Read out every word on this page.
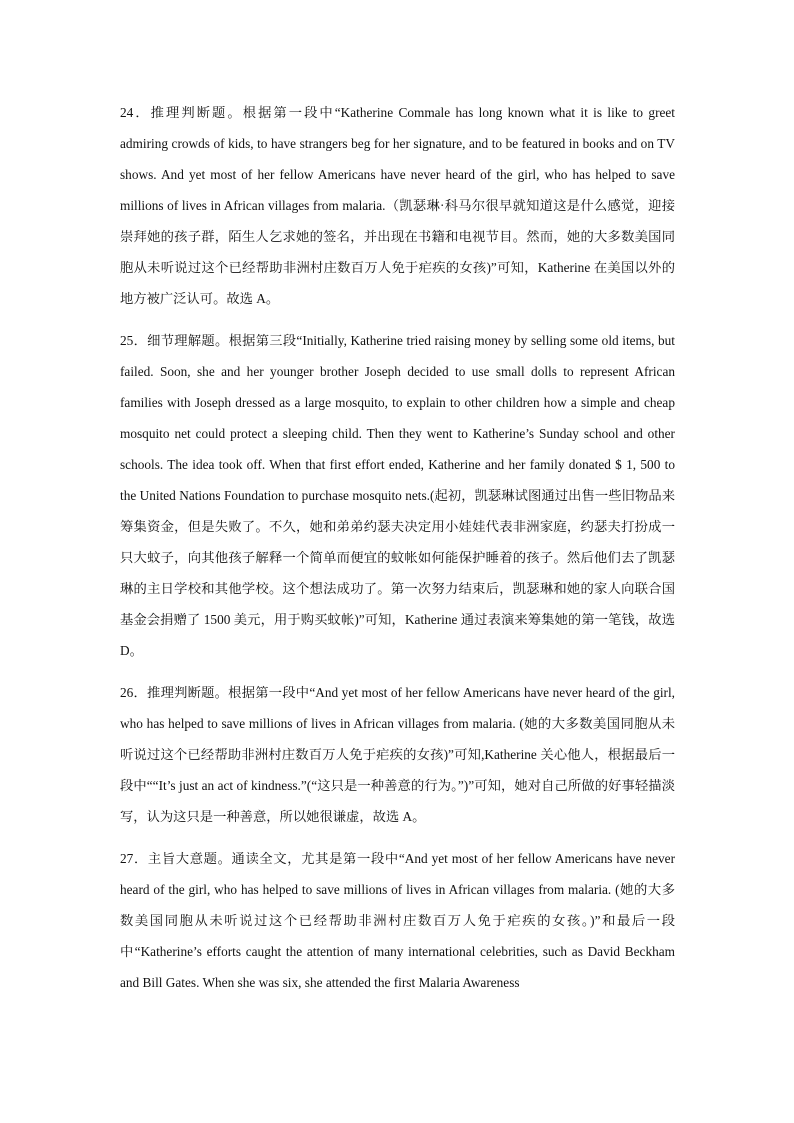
24．推理判断题。根据第一段中“Katherine Commale has long known what it is like to greet admiring crowds of kids, to have strangers beg for her signature, and to be featured in books and on TV shows. And yet most of her fellow Americans have never heard of the girl, who has helped to save millions of lives in African villages from malaria.（凯瑟琳·科马尔很早就知道这是什么感觉，迎接崇拜她的孩子群，陌生人乞求她的签名，并出现在书籍和电视节目。然而，她的大多数美国同胞从未听说过这个已经帮助非洲村庄数百万人免于疟疾的女孩)”可知，Katherine 在美国以外的地方被广泛认可。故选 A。

25．细节理解题。根据第三段“Initially, Katherine tried raising money by selling some old items, but failed. Soon, she and her younger brother Joseph decided to use small dolls to represent African families with Joseph dressed as a large mosquito, to explain to other children how a simple and cheap mosquito net could protect a sleeping child. Then they went to Katherine’s Sunday school and other schools. The idea took off. When that first effort ended, Katherine and her family donated $ 1, 500 to the United Nations Foundation to purchase mosquito nets.(起初，凯瑟琳试图通过出售一些旧物品来筹集资金，但是失败了。不久，她和弟弟约瑟夫决定用小娃娃代表非洲家庭，约瑟夫打扮成一只大蚊子，向其他孩子解释一个简单而便宜的蚊帐如何能保护睡着的孩子。然后他们去了凯瑟琳的主日学校和其他学校。这个想法成功了。第一次努力结束后，凯瑟琳和她的家人向联合国基金会捐赠了 1500 美元，用于购买蚊帐)”可知，Katherine 通过表演来筹集她的第一笔钱，故选 D。

26．推理判断题。根据第一段中“And yet most of her fellow Americans have never heard of the girl, who has helped to save millions of lives in African villages from malaria. (她的大多数美国同胞从未听说过这个已经帮助非洲村庄数百万人免于疟疾的女孩)”可知,Katherine 关心他人，根据最后一段中““It’s just an act of kindness.”(“这只是一种善意的行为。”)”可知，她对自己所做的好事轻描淡写，认为这只是一种善意，所以她很谦虚，故选 A。

27．主旨大意题。通读全文，尤其是第一段中“And yet most of her fellow Americans have never heard of the girl, who has helped to save millions of lives in African villages from malaria. (她的大多数美国同胞从未听说过这个已经帮助非洲村庄数百万人免于疟疾的女孩。)”和最后一段中“Katherine’s efforts caught the attention of many international celebrities, such as David Beckham and Bill Gates. When she was six, she attended the first Malaria Awareness
